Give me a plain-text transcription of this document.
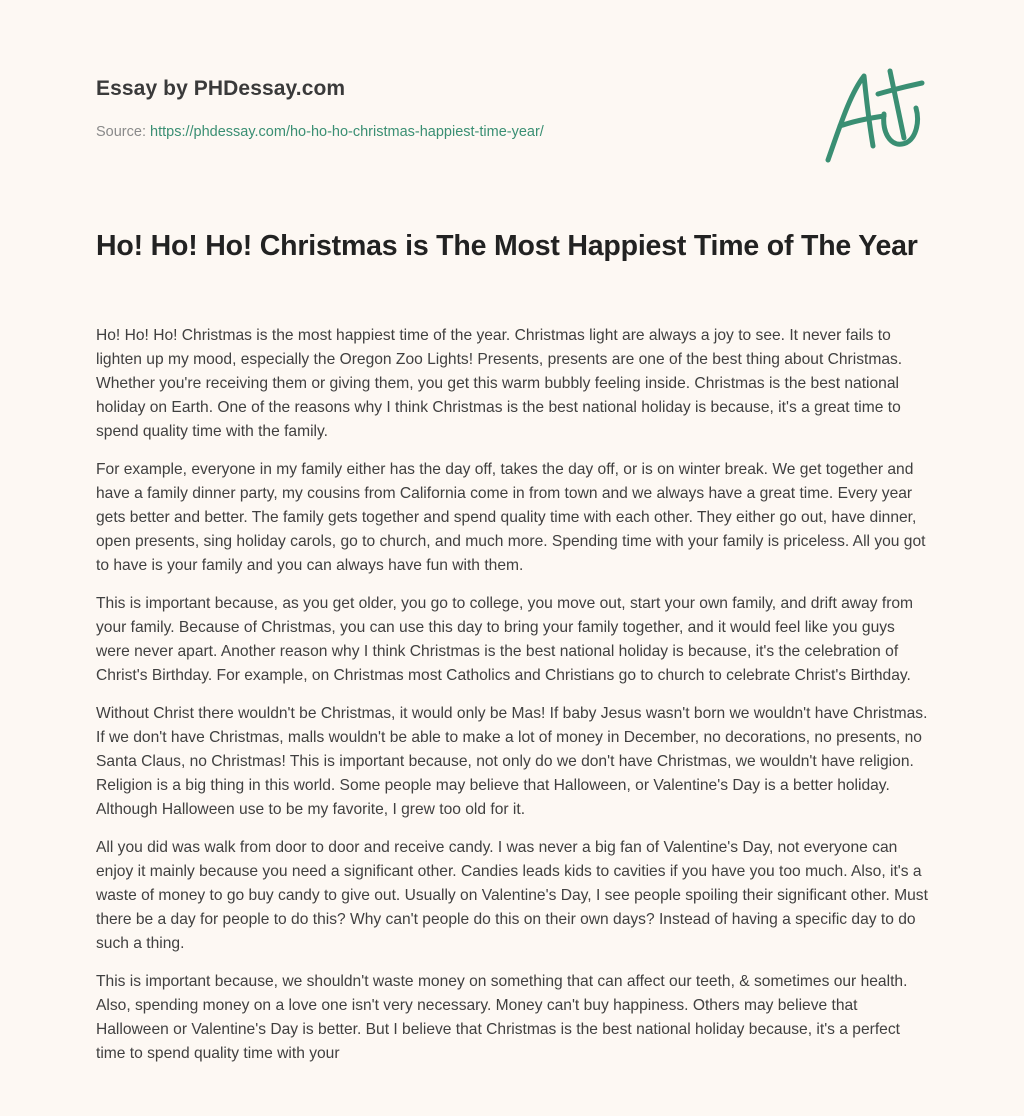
Essay by PHDessay.com
Source: https://phdessay.com/ho-ho-ho-christmas-happiest-time-year/
Ho! Ho! Ho! Christmas is The Most Happiest Time of The Year

Ho! Ho! Ho! Christmas is the most happiest time of the year. Christmas light are always a joy to see. It never fails to lighten up my mood, especially the Oregon Zoo Lights! Presents, presents are one of the best thing about Christmas. Whether you're receiving them or giving them, you get this warm bubbly feeling inside. Christmas is the best national holiday on Earth. One of the reasons why I think Christmas is the best national holiday is because, it's a great time to spend quality time with the family.

For example, everyone in my family either has the day off, takes the day off, or is on winter break. We get together and have a family dinner party, my cousins from California come in from town and we always have a great time. Every year gets better and better. The family gets together and spend quality time with each other. They either go out, have dinner, open presents, sing holiday carols, go to church, and much more. Spending time with your family is priceless. All you got to have is your family and you can always have fun with them.

This is important because, as you get older, you go to college, you move out, start your own family, and drift away from your family. Because of Christmas, you can use this day to bring your family together, and it would feel like you guys were never apart. Another reason why I think Christmas is the best national holiday is because, it's the celebration of Christ's Birthday. For example, on Christmas most Catholics and Christians go to church to celebrate Christ's Birthday.

Without Christ there wouldn't be Christmas, it would only be Mas! If baby Jesus wasn't born we wouldn't have Christmas. If we don't have Christmas, malls wouldn't be able to make a lot of money in December, no decorations, no presents, no Santa Claus, no Christmas! This is important because, not only do we don't have Christmas, we wouldn't have religion. Religion is a big thing in this world. Some people may believe that Halloween, or Valentine's Day is a better holiday. Although Halloween use to be my favorite, I grew too old for it.

All you did was walk from door to door and receive candy. I was never a big fan of Valentine's Day, not everyone can enjoy it mainly because you need a significant other. Candies leads kids to cavities if you have you too much. Also, it's a waste of money to go buy candy to give out. Usually on Valentine's Day, I see people spoiling their significant other. Must there be a day for people to do this? Why can't people do this on their own days? Instead of having a specific day to do such a thing.

This is important because, we shouldn't waste money on something that can affect our teeth, & sometimes our health. Also, spending money on a love one isn't very necessary. Money can't buy happiness. Others may believe that Halloween or Valentine's Day is better. But I believe that Christmas is the best national holiday because, it's a perfect time to spend quality time with your
